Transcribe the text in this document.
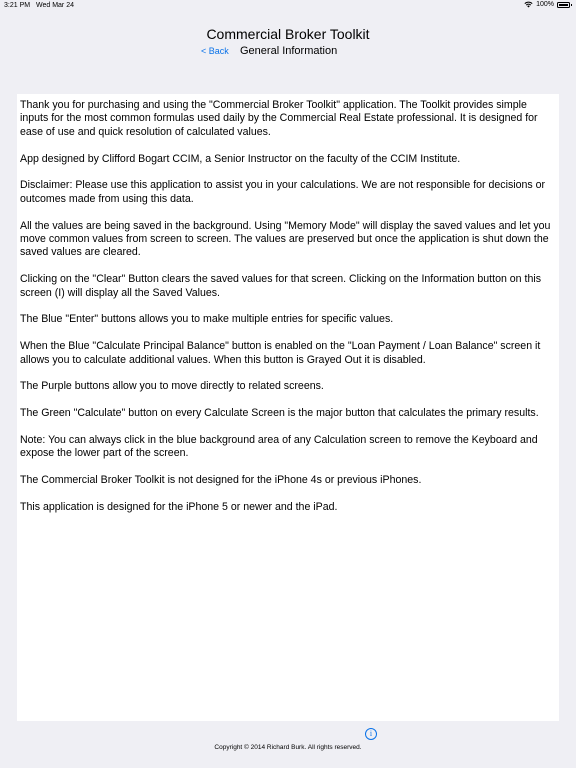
3:21 PM Wed Mar 24	100%
Commercial Broker Toolkit
< Back General Information

Thank you for purchasing and using the "Commercial Broker Toolkit" application. The Toolkit provides simple inputs for the most common formulas used daily by the Commercial Real Estate professional. It is designed for ease of use and quick resolution of calculated values.

App designed by Clifford Bogart CCIM, a Senior Instructor on the faculty of the CCIM Institute.

Disclaimer: Please use this application to assist you in your calculations. We are not responsible for decisions or outcomes made from using this data.

All the values are being saved in the background. Using "Memory Mode" will display the saved values and let you move common values from screen to screen. The values are preserved but once the application is shut down the saved values are cleared.

Clicking on the "Clear" Button clears the saved values for that screen. Clicking on the Information button on this screen (I) will display all the Saved Values.

The Blue "Enter" buttons allows you to make multiple entries for specific values.

When the Blue "Calculate Principal Balance" button is enabled on the "Loan Payment / Loan Balance" screen it allows you to calculate additional values. When this button is Grayed Out it is disabled.

The Purple buttons allow you to move directly to related screens.

The Green "Calculate" button on every Calculate Screen is the major button that calculates the primary results.

Note: You can always click in the blue background area of any Calculation screen to remove the Keyboard and expose the lower part of the screen.

The Commercial Broker Toolkit is not designed for the iPhone 4s or previous iPhones.

This application is designed for the iPhone 5 or newer and the iPad.

i
Copyright © 2014 Richard Burk. All rights reserved.
